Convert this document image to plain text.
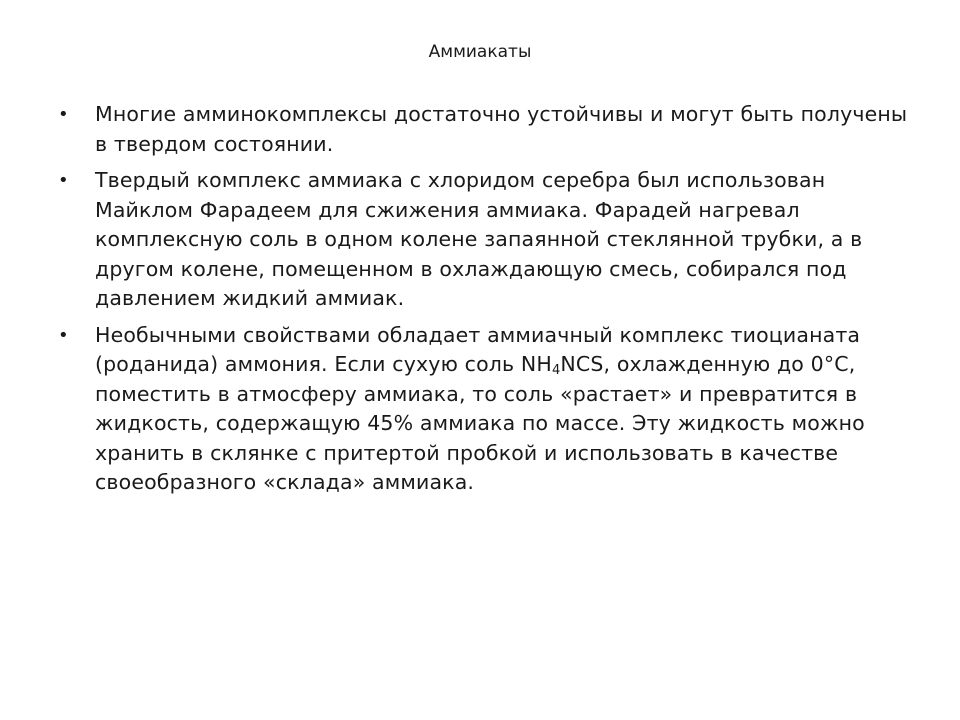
Аммиакаты
•	Многие амминокомплексы достаточно устойчивы и могут быть получены в твердом состоянии.
•	Твердый комплекс аммиака с хлоридом серебра был использован Майклом Фарадеем для сжижения аммиака. Фарадей нагревал комплексную соль в одном колене запаянной стеклянной трубки, а в другом колене, помещенном в охлаждающую смесь, собирался под давлением жидкий аммиак.
•	Необычными свойствами обладает аммиачный комплекс тиоцианата (роданида) аммония. Если сухую соль $NH_4NCS$, охлажденную до 0°С, поместить в атмосферу аммиака, то соль «растает» и превратится в жидкость, содержащую 45% аммиака по массе. Эту жидкость можно хранить в склянке с притертой пробкой и использовать в качестве своеобразного «склада» аммиака.
